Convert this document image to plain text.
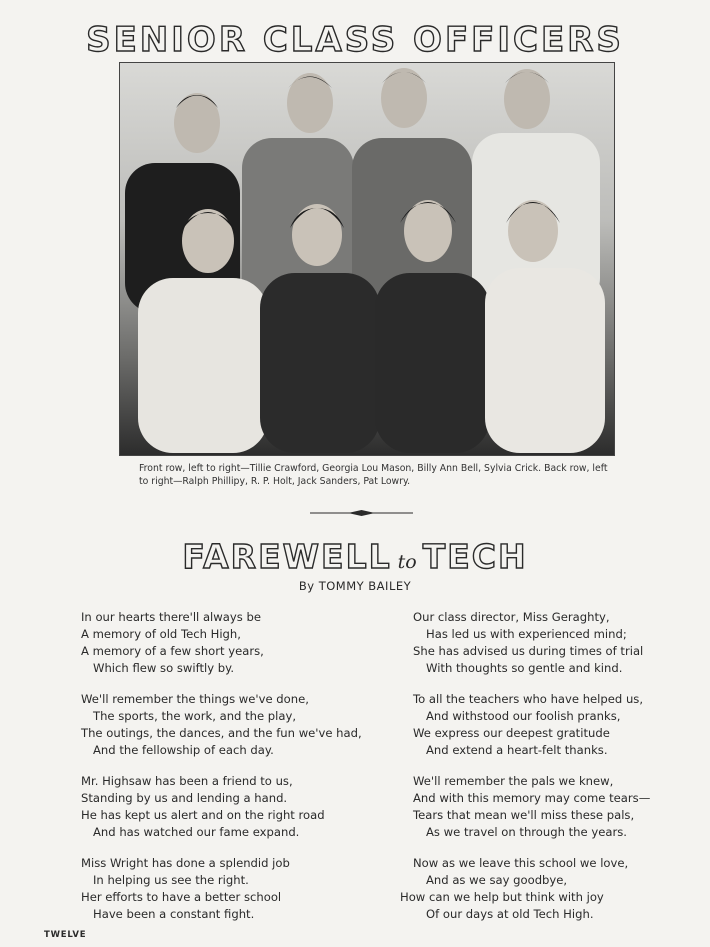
SENIOR CLASS OFFICERS
Front row, left to right—Tillie Crawford, Georgia Lou Mason, Billy Ann Bell, Sylvia Crick. Back row, left to right—Ralph Phillipy, R. P. Holt, Jack Sanders, Pat Lowry.
FAREWELL to TECH
By TOMMY BAILEY
In our hearts there'll always be
A memory of old Tech High,
A memory of a few short years,
Which flew so swiftly by.
We'll remember the things we've done,
The sports, the work, and the play,
The outings, the dances, and the fun we've had,
And the fellowship of each day.
Mr. Highsaw has been a friend to us,
Standing by us and lending a hand.
He has kept us alert and on the right road
And has watched our fame expand.
Miss Wright has done a splendid job
In helping us see the right.
Her efforts to have a better school
Have been a constant fight.
Our class director, Miss Geraghty,
Has led us with experienced mind;
She has advised us during times of trial
With thoughts so gentle and kind.
To all the teachers who have helped us,
And withstood our foolish pranks,
We express our deepest gratitude
And extend a heart-felt thanks.
We'll remember the pals we knew,
And with this memory may come tears—
Tears that mean we'll miss these pals,
As we travel on through the years.
Now as we leave this school we love,
And as we say goodbye,
How can we help but think with joy
Of our days at old Tech High.
TWELVE
